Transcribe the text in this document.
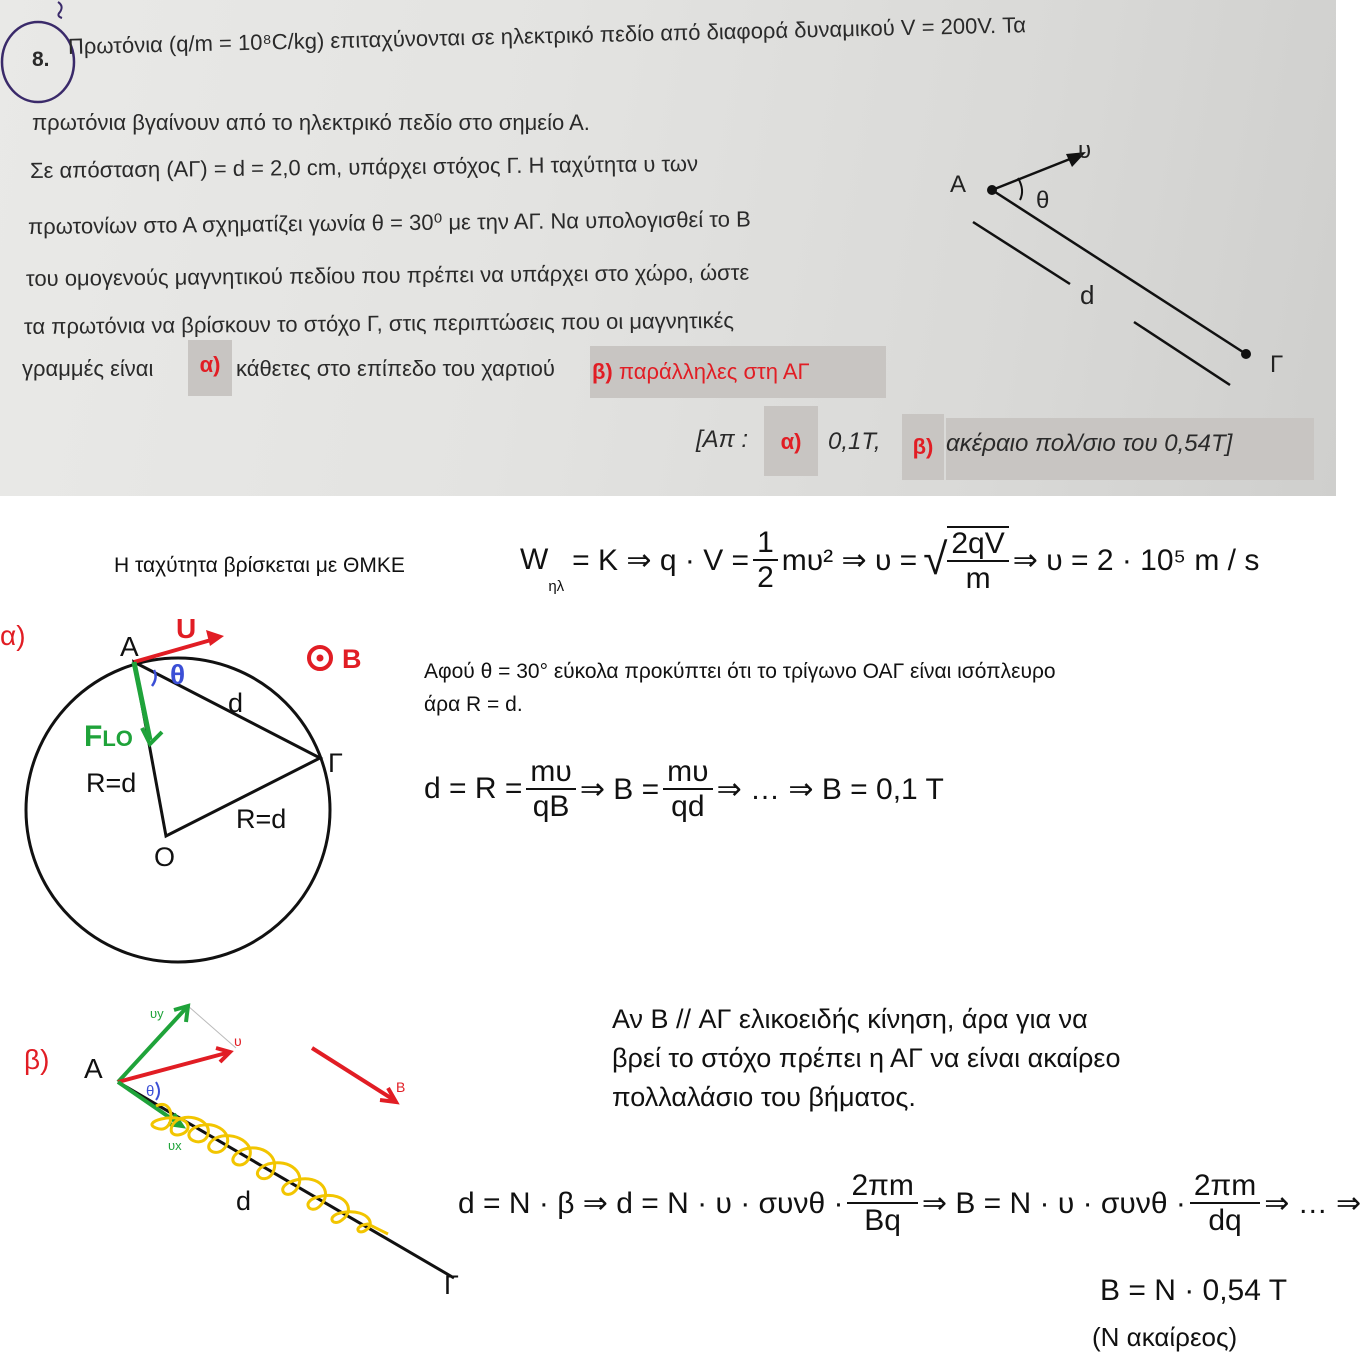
Α
υ
θ
d
Γ
8.
Πρωτόνια (q/m = 10⁸C/kg) επιταχύνονται σε ηλεκτρικό πεδίο από διαφορά δυναμικού V = 200V. Τα
πρωτόνια βγαίνουν από το ηλεκτρικό πεδίο στο σημείο Α.
Σε απόσταση (ΑΓ) = d = 2,0 cm, υπάρχει στόχος Γ. Η ταχύτητα υ των
πρωτονίων στο Α σχηματίζει γωνία θ = 30⁰ με την ΑΓ. Να υπολογισθεί το B
του ομογενούς μαγνητικού πεδίου που πρέπει να υπάρχει στο χώρο, ώστε
τα πρωτόνια να βρίσκουν το στόχο Γ, στις περιπτώσεις που οι μαγνητικές
γραμμές είναι	α) κάθετες στο επίπεδο του χαρτιού β) παράλληλες στη ΑΓ
[Απ :	α)	0,1T,	β) ακέραιο πολ/σιο του 0,54T]
Η ταχύτητα βρίσκεται με ΘΜΚΕ	W
ηλ
= K ⇒ $q \cdot V = \frac{1}{2} m\upsilon^2$ ⇒ υ = √ $\frac{2qV}{m}$ ⇒ υ = 2 · 10⁵ m / s
α)	A
U
B
θ
d
FLO
R=d
R=d
O
Γ
Αφού θ = 30° εύκολα προκύπτει ότι το τρίγωνο ΟΑΓ είναι ισόπλευρο
άρα R = d.
$d = R = \frac{m\upsilon}{qB}$ ⇒ $B = \frac{m\upsilon}{qd}$ ⇒ … ⇒ B = 0,1 T
β) A
υy
υ
θ
υx
B
d
Γ
Αν B // ΑΓ ελικοειδής κίνηση, άρα για να
βρεί το στόχο πρέπει η ΑΓ να είναι ακαίρεο
πολλαλάσιο του βήματος.
d = N · β ⇒ $d = N \cdot \upsilon \cdot \sigma\upsilon\nu\theta \cdot \frac{2\pi m}{Bq}$ ⇒ $B = N \cdot \upsilon \cdot \sigma\upsilon\nu\theta \cdot \frac{2\pi m}{dq}$ ⇒ … ⇒
B = N · 0,54 T
(N ακαίρεος)
